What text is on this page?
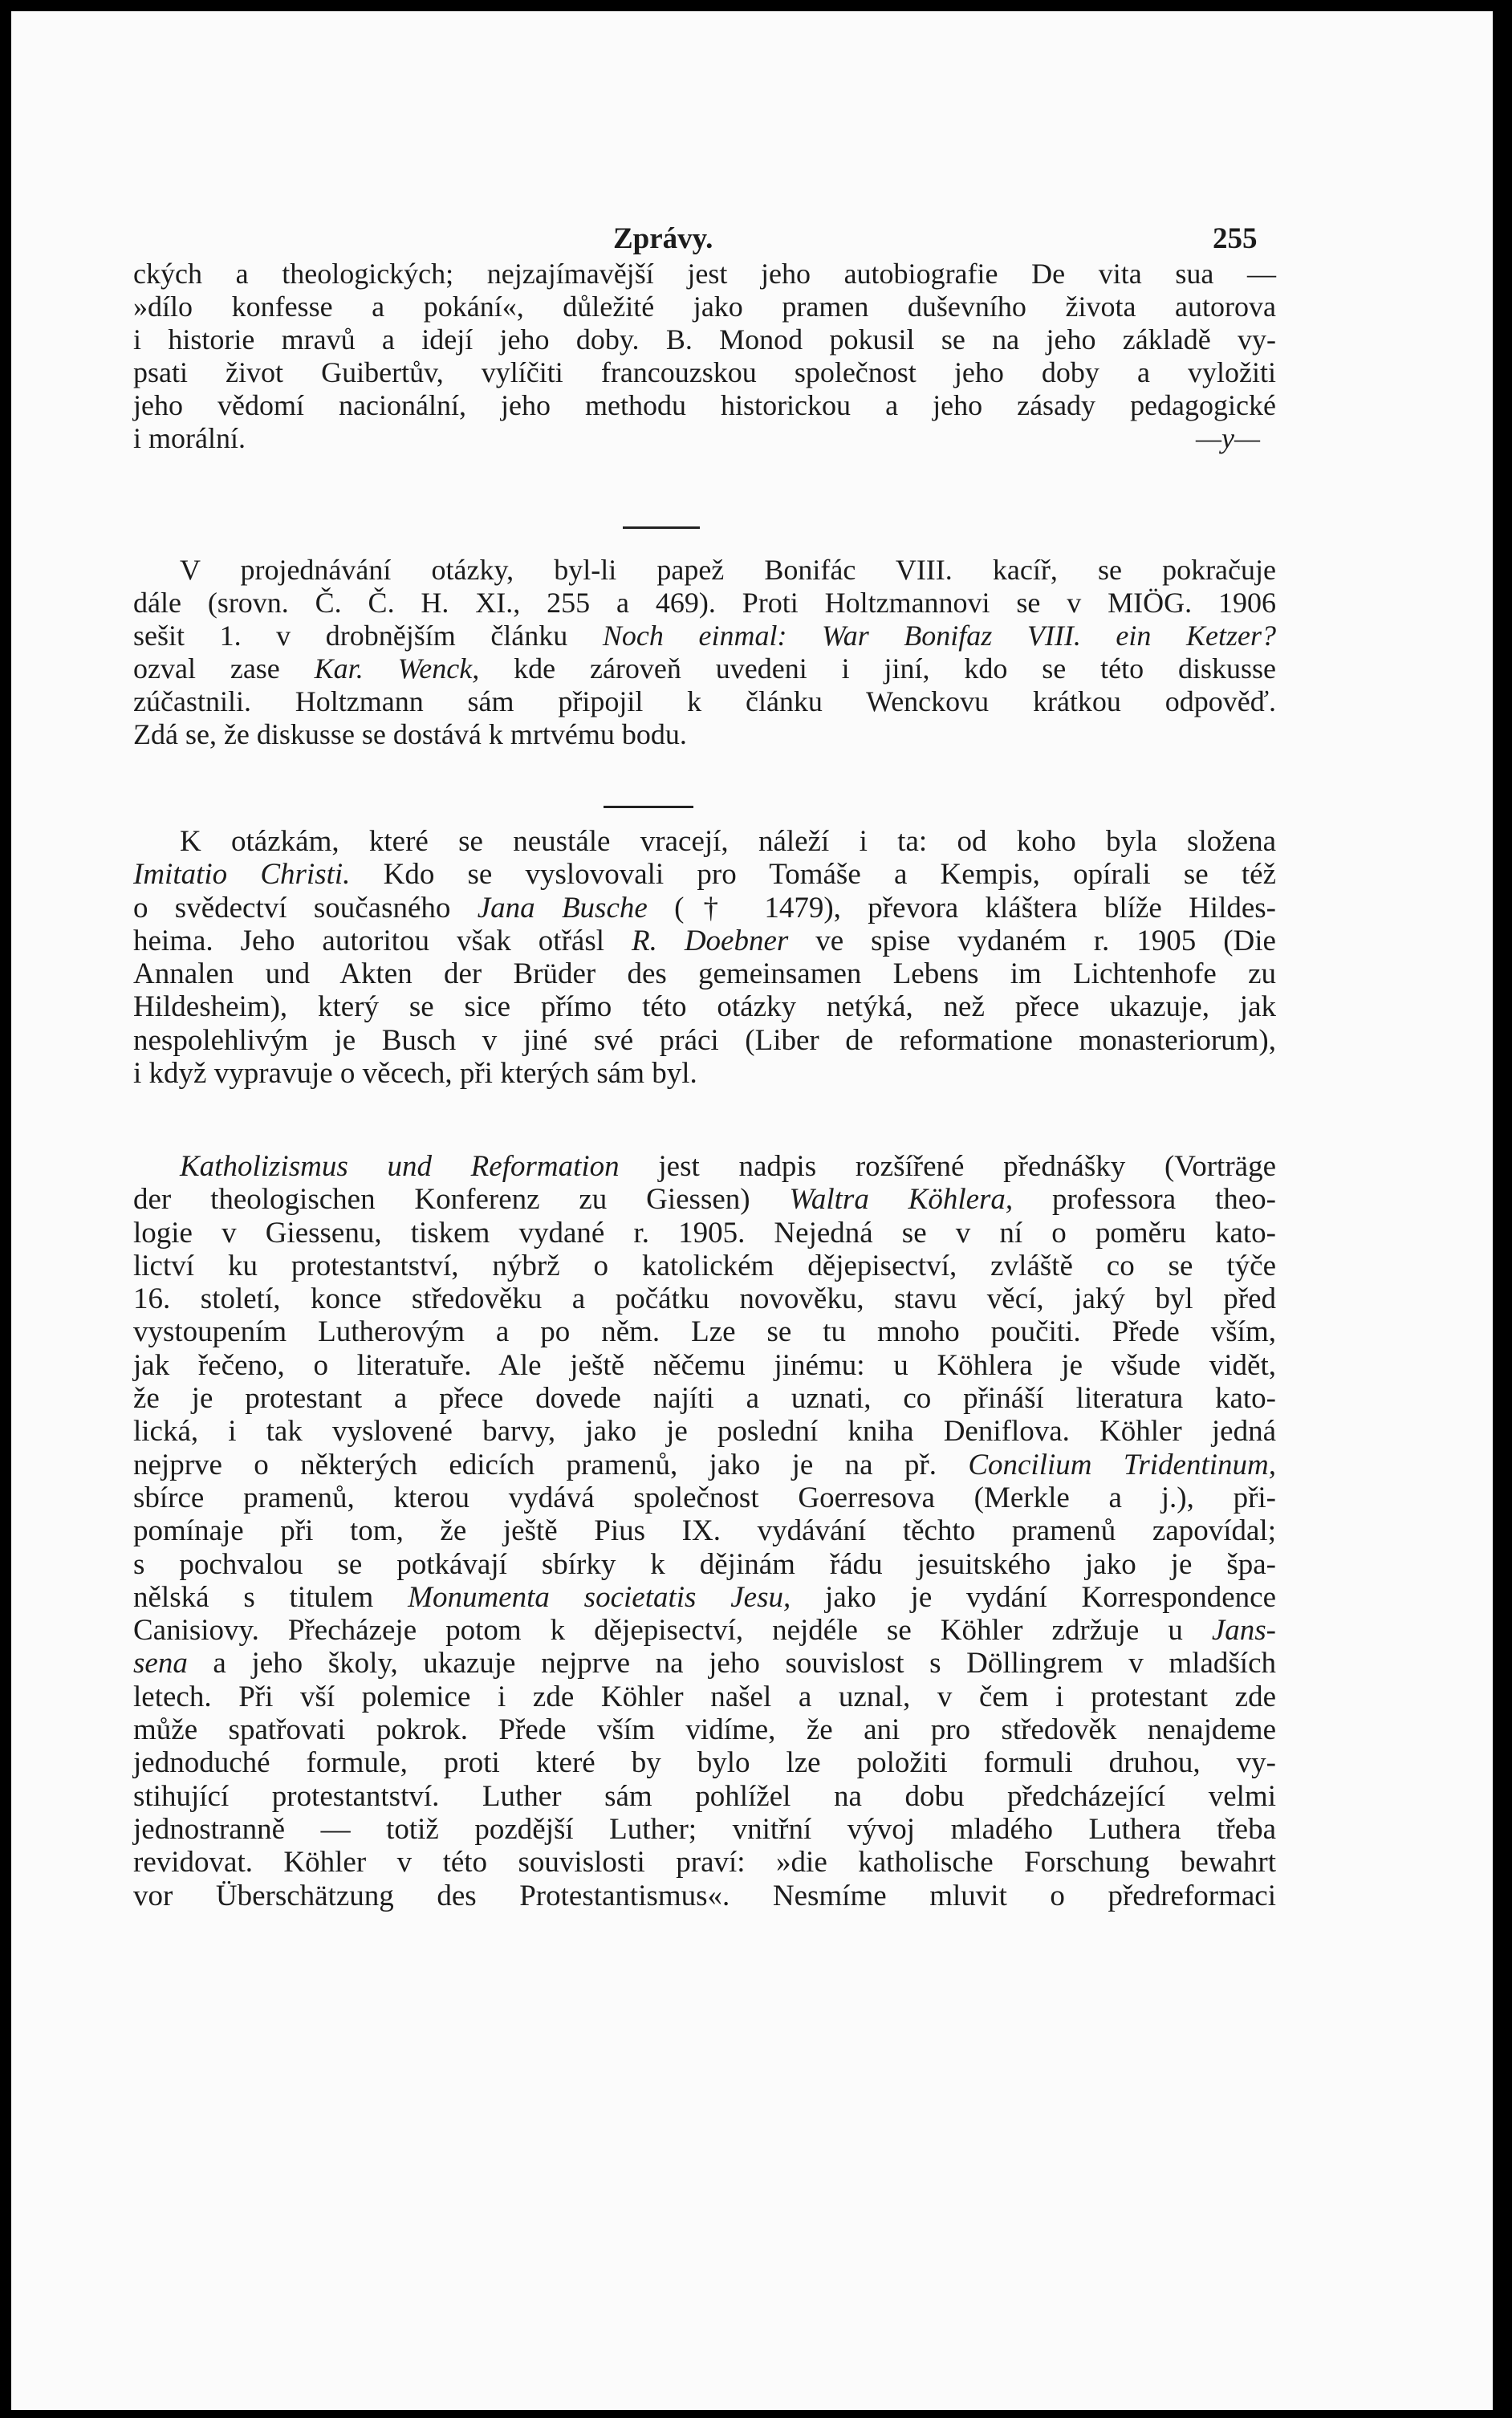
Zprávy.	255
ckých a theologických; nejzajímavější jest jeho autobiografie De vita sua —
»dílo konfesse a pokání«, důležité jako pramen duševního života autorova
i historie mravů a idejí jeho doby. B. Monod pokusil se na jeho základě vy-
psati život Guibertův, vylíčiti francouzskou společnost jeho doby a vyložiti
jeho vědomí nacionální, jeho methodu historickou a jeho zásady pedagogické
i morální.	—y—
V projednávání otázky, byl-li papež Bonifác VIII. kacíř, se pokračuje
dále (srovn. Č. Č. H. XI., 255 a 469). Proti Holtzmannovi se v MIÖG. 1906
sešit 1. v drobnějším článku Noch einmal: War Bonifaz VIII. ein Ketzer?
ozval zase Kar. Wenck, kde zároveň uvedeni i jiní, kdo se této diskusse
zúčastnili. Holtzmann sám připojil k článku Wenckovu krátkou odpověď.
Zdá se, že diskusse se dostává k mrtvému bodu.
K otázkám, které se neustále vracejí, náleží i ta: od koho byla složena
Imitatio Christi. Kdo se vyslovovali pro Tomáše a Kempis, opírali se též
o svědectví současného Jana Busche († 1479), převora kláštera blíže Hildes-
heima. Jeho autoritou však otřásl R. Doebner ve spise vydaném r. 1905 (Die
Annalen und Akten der Brüder des gemeinsamen Lebens im Lichtenhofe zu
Hildesheim), který se sice přímo této otázky netýká, než přece ukazuje, jak
nespolehlivým je Busch v jiné své práci (Liber de reformatione monasteriorum),
i když vypravuje o věcech, při kterých sám byl.
Katholizismus und Reformation jest nadpis rozšířené přednášky (Vorträge
der theologischen Konferenz zu Giessen) Waltra Köhlera, professora theo-
logie v Giessenu, tiskem vydané r. 1905. Nejedná se v ní o poměru kato-
lictví ku protestantství, nýbrž o katolickém dějepisectví, zvláště co se týče
16. století, konce středověku a počátku novověku, stavu věcí, jaký byl před
vystoupením Lutherovým a po něm. Lze se tu mnoho poučiti. Přede vším,
jak řečeno, o literatuře. Ale ještě něčemu jinému: u Köhlera je všude vidět,
že je protestant a přece dovede najíti a uznati, co přináší literatura kato-
lická, i tak vyslovené barvy, jako je poslední kniha Deniflova. Köhler jedná
nejprve o některých edicích pramenů, jako je na př. Concilium Tridentinum,
sbírce pramenů, kterou vydává společnost Goerresova (Merkle a j.), při-
pomínaje při tom, že ještě Pius IX. vydávání těchto pramenů zapovídal;
s pochvalou se potkávají sbírky k dějinám řádu jesuitského jako je špa-
nělská s titulem Monumenta societatis Jesu, jako je vydání Korrespondence
Canisiovy. Přecházeje potom k dějepisectví, nejdéle se Köhler zdržuje u Jans-
sena a jeho školy, ukazuje nejprve na jeho souvislost s Döllingrem v mladších
letech. Při vší polemice i zde Köhler našel a uznal, v čem i protestant zde
může spatřovati pokrok. Přede vším vidíme, že ani pro středověk nenajdeme
jednoduché formule, proti které by bylo lze položiti formuli druhou, vy-
stihující protestantství. Luther sám pohlížel na dobu předcházející velmi
jednostranně — totiž pozdější Luther; vnitřní vývoj mladého Luthera třeba
revidovat. Köhler v této souvislosti praví: »die katholische Forschung bewahrt
vor Überschätzung des Protestantismus«. Nesmíme mluvit o předreformaci
